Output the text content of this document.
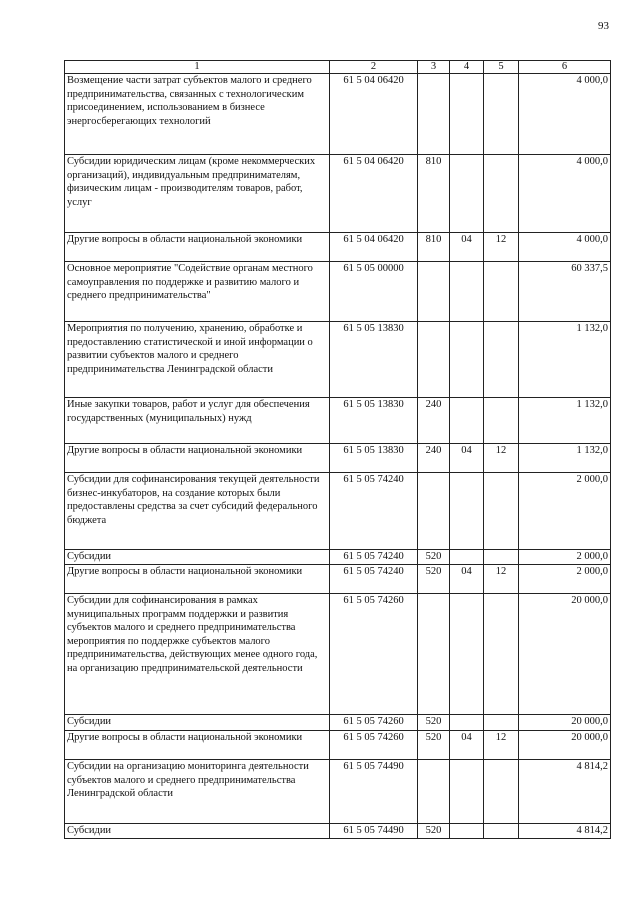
93
1	2	3	4	5	6
Возмещение части затрат субъектов малого и среднего предпринимательства, связанных с технологическим присоединением, использованием в бизнесе энергосберегающих технологий	61 5 04 06420				4 000,0
Субсидии юридическим лицам (кроме некоммерческих организаций), индивидуальным предпринимателям, физическим лицам - производителям товаров, работ, услуг	61 5 04 06420	810			4 000,0
Другие вопросы в области национальной экономики	61 5 04 06420	810	04	12	4 000,0
Основное мероприятие "Содействие органам местного самоуправления по поддержке и развитию малого и среднего предпринимательства"	61 5 05 00000				60 337,5
Мероприятия по получению, хранению, обработке и предоставлению статистической и иной информации о развитии субъектов малого и среднего предпринимательства Ленинградской области	61 5 05 13830				1 132,0
Иные закупки товаров, работ и услуг для обеспечения государственных (муниципальных) нужд	61 5 05 13830	240			1 132,0
Другие вопросы в области национальной экономики	61 5 05 13830	240	04	12	1 132,0
Субсидии для софинансирования текущей деятельности бизнес-инкубаторов, на создание которых были предоставлены средства за счет субсидий федерального бюджета	61 5 05 74240				2 000,0
Субсидии	61 5 05 74240	520			2 000,0
Другие вопросы в области национальной экономики	61 5 05 74240	520	04	12	2 000,0
Субсидии для софинансирования в рамках муниципальных программ поддержки и развития субъектов малого и среднего предпринимательства мероприятия по поддержке субъектов малого предпринимательства, действующих менее одного года, на организацию предпринимательской деятельности	61 5 05 74260				20 000,0
Субсидии	61 5 05 74260	520			20 000,0
Другие вопросы в области национальной экономики	61 5 05 74260	520	04	12	20 000,0
Субсидии на организацию мониторинга деятельности субъектов малого и среднего предпринимательства Ленинградской области	61 5 05 74490				4 814,2
Субсидии	61 5 05 74490	520			4 814,2
